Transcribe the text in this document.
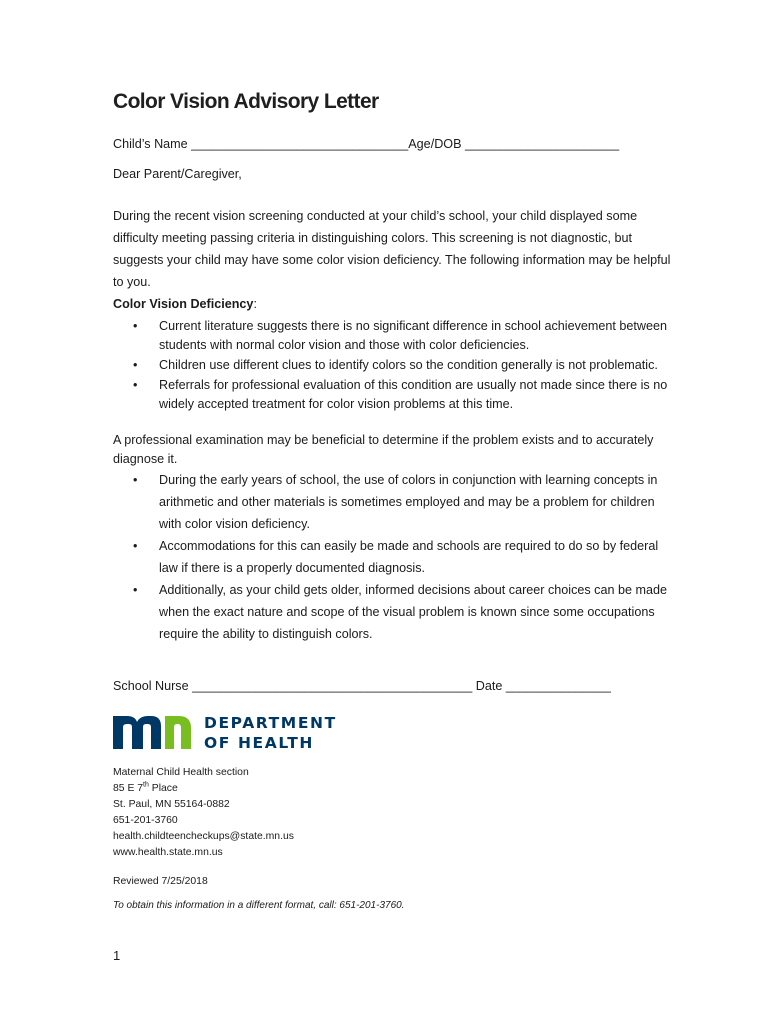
Color Vision Advisory Letter
Child’s Name _______________________________Age/DOB ______________________
Dear Parent/Caregiver,
During the recent vision screening conducted at your child’s school, your child displayed some difficulty meeting passing criteria in distinguishing colors. This screening is not diagnostic, but suggests your child may have some color vision deficiency. The following information may be helpful to you.
Color Vision Deficiency:
• Current literature suggests there is no significant difference in school achievement between students with normal color vision and those with color deficiencies.
• Children use different clues to identify colors so the condition generally is not problematic.
• Referrals for professional evaluation of this condition are usually not made since there is no widely accepted treatment for color vision problems at this time.
A professional examination may be beneficial to determine if the problem exists and to accurately diagnose it.
• During the early years of school, the use of colors in conjunction with learning concepts in arithmetic and other materials is sometimes employed and may be a problem for children with color vision deficiency.
• Accommodations for this can easily be made and schools are required to do so by federal law if there is a properly documented diagnosis.
• Additionally, as your child gets older, informed decisions about career choices can be made when the exact nature and scope of the visual problem is known since some occupations require the ability to distinguish colors.
School Nurse ________________________________________ Date _______________
DEPARTMENT
OF HEALTH
Maternal Child Health section
85 E 7th Place
St. Paul, MN 55164-0882
651-201-3760
health.childteencheckups@state.mn.us
www.health.state.mn.us
Reviewed 7/25/2018
To obtain this information in a different format, call: 651-201-3760.
1
